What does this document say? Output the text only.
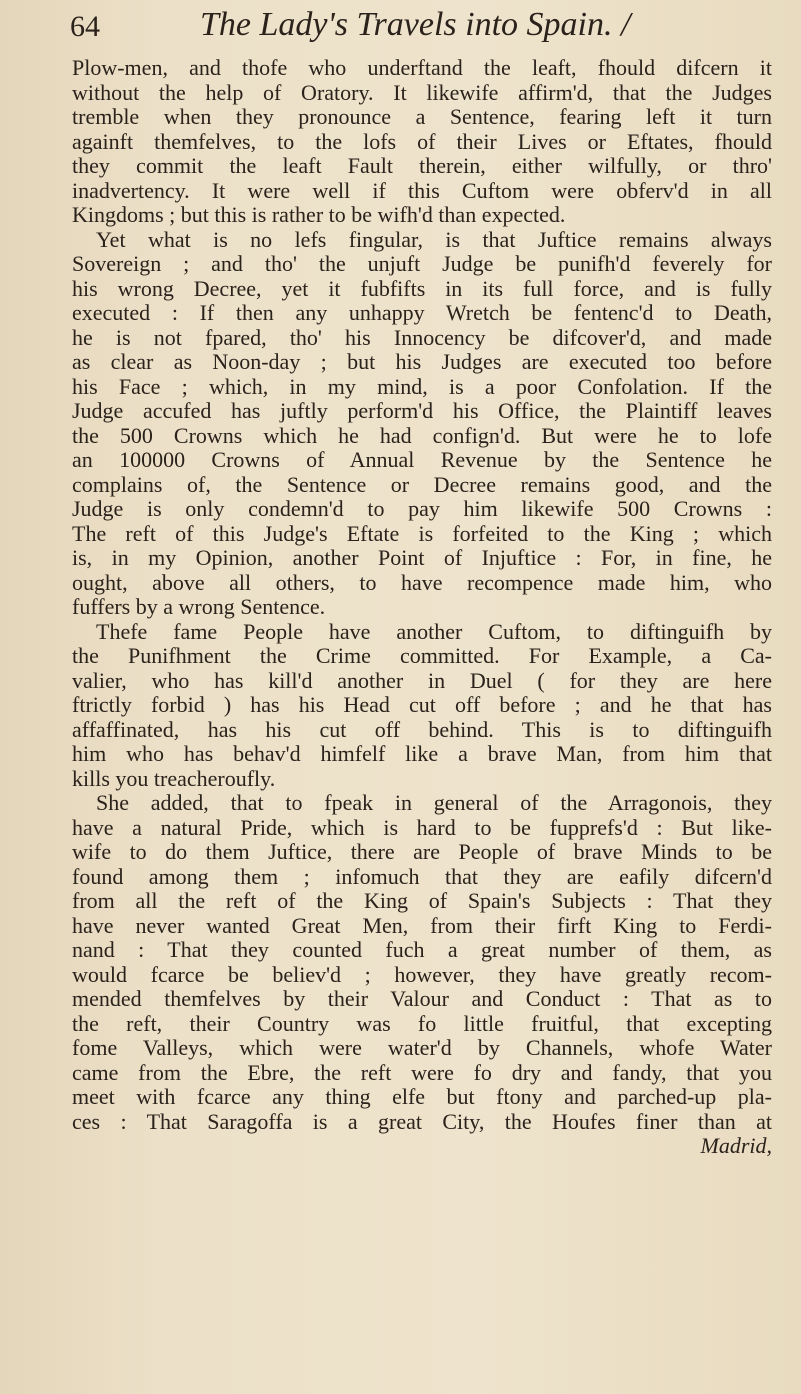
64	The Lady's Travels into Spain. /
Plow-men, and thofe who underftand the leaft, fhould difcern it
without the help of Oratory. It likewife affirm'd, that the Judges
tremble when they pronounce a Sentence, fearing left it turn
againft themfelves, to the lofs of their Lives or Eftates, fhould
they commit the leaft Fault therein, either wilfully, or thro'
inadvertency. It were well if this Cuftom were obferv'd in all
Kingdoms ; but this is rather to be wifh'd than expected.
Yet what is no lefs fingular, is that Juftice remains always
Sovereign ; and tho' the unjuft Judge be punifh'd feverely for
his wrong Decree, yet it fubfifts in its full force, and is fully
executed : If then any unhappy Wretch be fentenc'd to Death,
he is not fpared, tho' his Innocency be difcover'd, and made
as clear as Noon-day ; but his Judges are executed too before
his Face ; which, in my mind, is a poor Confolation. If the
Judge accufed has juftly perform'd his Office, the Plaintiff leaves
the 500 Crowns which he had confign'd. But were he to lofe
an 100000 Crowns of Annual Revenue by the Sentence he
complains of, the Sentence or Decree remains good, and the
Judge is only condemn'd to pay him likewife 500 Crowns :
The reft of this Judge's Eftate is forfeited to the King ; which
is, in my Opinion, another Point of Injuftice : For, in fine, he
ought, above all others, to have recompence made him, who
fuffers by a wrong Sentence.
Thefe fame People have another Cuftom, to diftinguifh by
the Punifhment the Crime committed. For Example, a Ca-
valier, who has kill'd another in Duel ( for they are here
ftrictly forbid ) has his Head cut off before ; and he that has
affaffinated, has his cut off behind. This is to diftinguifh
him who has behav'd himfelf like a brave Man, from him that
kills you treacheroufly.
She added, that to fpeak in general of the Arragonois, they
have a natural Pride, which is hard to be fupprefs'd : But like-
wife to do them Juftice, there are People of brave Minds to be
found among them ; infomuch that they are eafily difcern'd
from all the reft of the King of Spain's Subjects : That they
have never wanted Great Men, from their firft King to Ferdi-
nand : That they counted fuch a great number of them, as
would fcarce be believ'd ; however, they have greatly recom-
mended themfelves by their Valour and Conduct : That as to
the reft, their Country was fo little fruitful, that excepting
fome Valleys, which were water'd by Channels, whofe Water
came from the Ebre, the reft were fo dry and fandy, that you
meet with fcarce any thing elfe but ftony and parched-up pla-
ces : That Saragoffa is a great City, the Houfes finer than at
Madrid,
